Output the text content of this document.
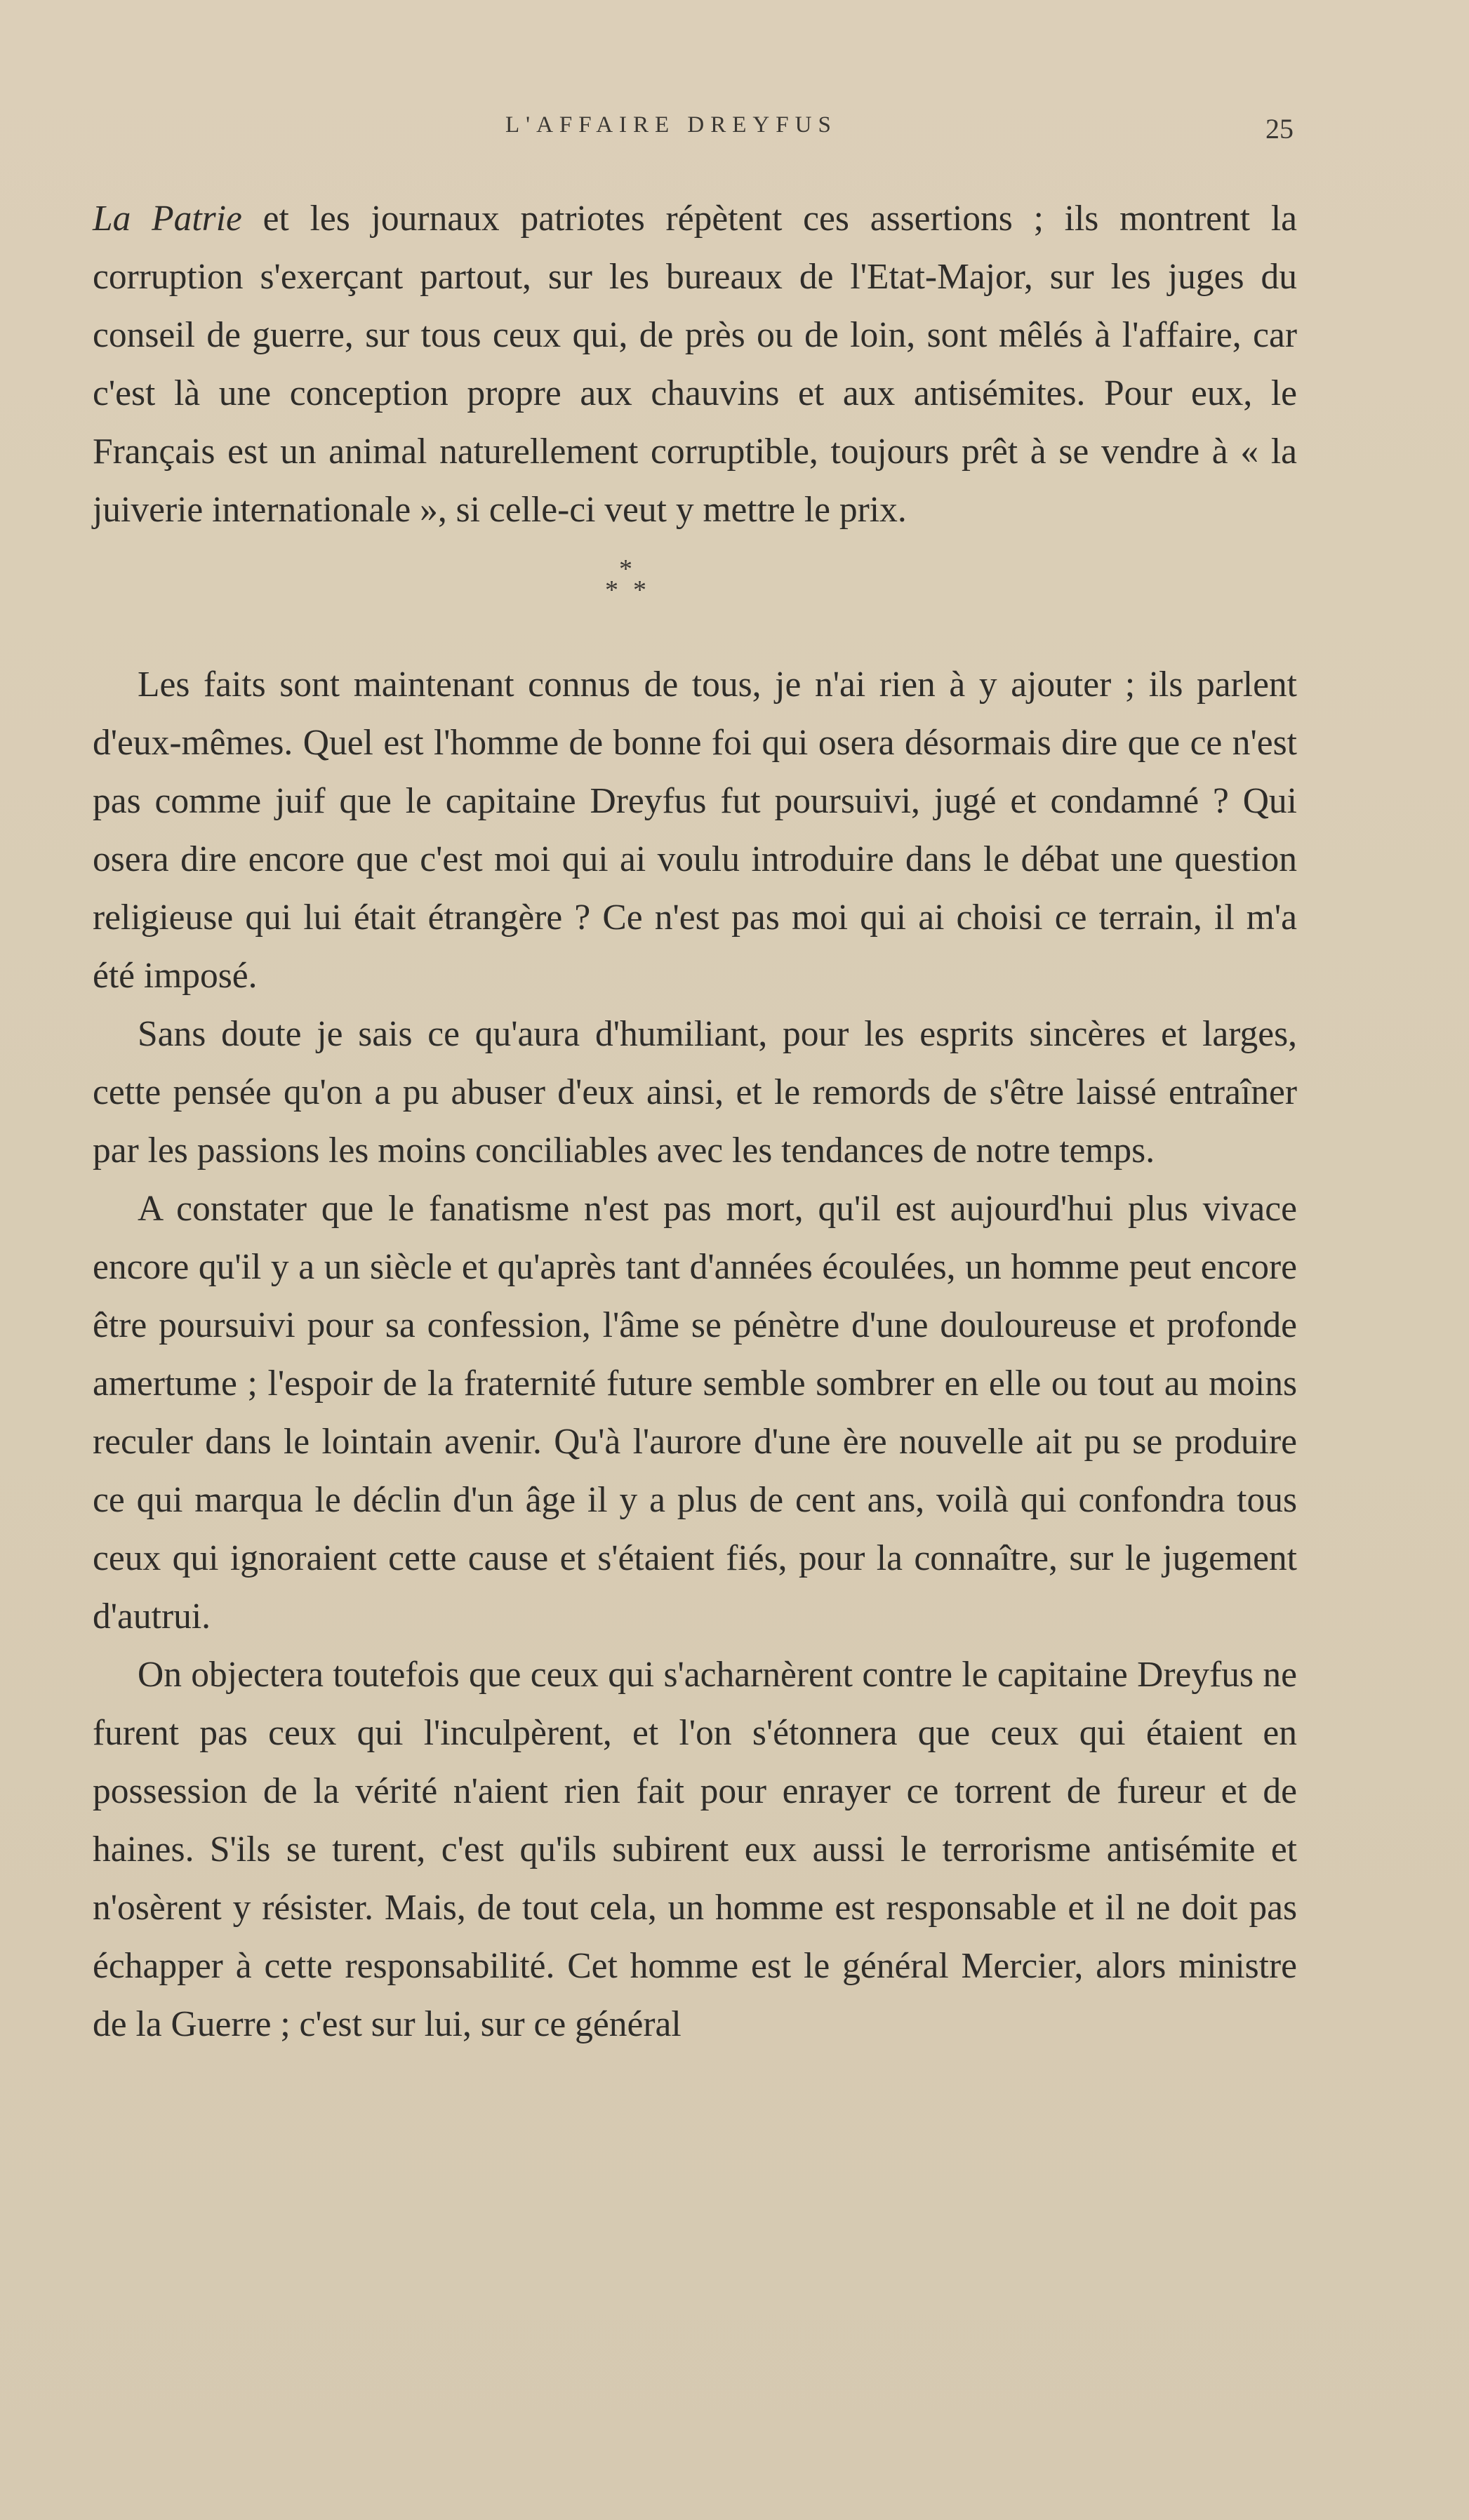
L'AFFAIRE DREYFUS	25

La Patrie et les journaux patriotes répètent ces assertions ; ils montrent la corruption s'exerçant partout, sur les bureaux de l'Etat-Major, sur les juges du conseil de guerre, sur tous ceux qui, de près ou de loin, sont mêlés à l'affaire, car c'est là une conception propre aux chauvins et aux antisémites. Pour eux, le Français est un animal naturellement corruptible, toujours prêt à se vendre à « la juiverie internationale », si celle-ci veut y mettre le prix.

*
* *

Les faits sont maintenant connus de tous, je n'ai rien à y ajouter ; ils parlent d'eux-mêmes. Quel est l'homme de bonne foi qui osera désormais dire que ce n'est pas comme juif que le capitaine Dreyfus fut poursuivi, jugé et condamné ? Qui osera dire encore que c'est moi qui ai voulu introduire dans le débat une question religieuse qui lui était étrangère ? Ce n'est pas moi qui ai choisi ce terrain, il m'a été imposé.

Sans doute je sais ce qu'aura d'humiliant, pour les esprits sincères et larges, cette pensée qu'on a pu abuser d'eux ainsi, et le remords de s'être laissé entraîner par les passions les moins conciliables avec les tendances de notre temps.

A constater que le fanatisme n'est pas mort, qu'il est aujourd'hui plus vivace encore qu'il y a un siècle et qu'après tant d'années écoulées, un homme peut encore être poursuivi pour sa confession, l'âme se pénètre d'une douloureuse et profonde amertume ; l'espoir de la fraternité future semble sombrer en elle ou tout au moins reculer dans le lointain avenir. Qu'à l'aurore d'une ère nouvelle ait pu se produire ce qui marqua le déclin d'un âge il y a plus de cent ans, voilà qui confondra tous ceux qui ignoraient cette cause et s'étaient fiés, pour la connaître, sur le jugement d'autrui.

On objectera toutefois que ceux qui s'acharnèrent contre le capitaine Dreyfus ne furent pas ceux qui l'inculpèrent, et l'on s'étonnera que ceux qui étaient en possession de la vérité n'aient rien fait pour enrayer ce torrent de fureur et de haines. S'ils se turent, c'est qu'ils subirent eux aussi le terrorisme antisémite et n'osèrent y résister. Mais, de tout cela, un homme est responsable et il ne doit pas échapper à cette responsabilité. Cet homme est le général Mercier, alors ministre de la Guerre ; c'est sur lui, sur ce général
